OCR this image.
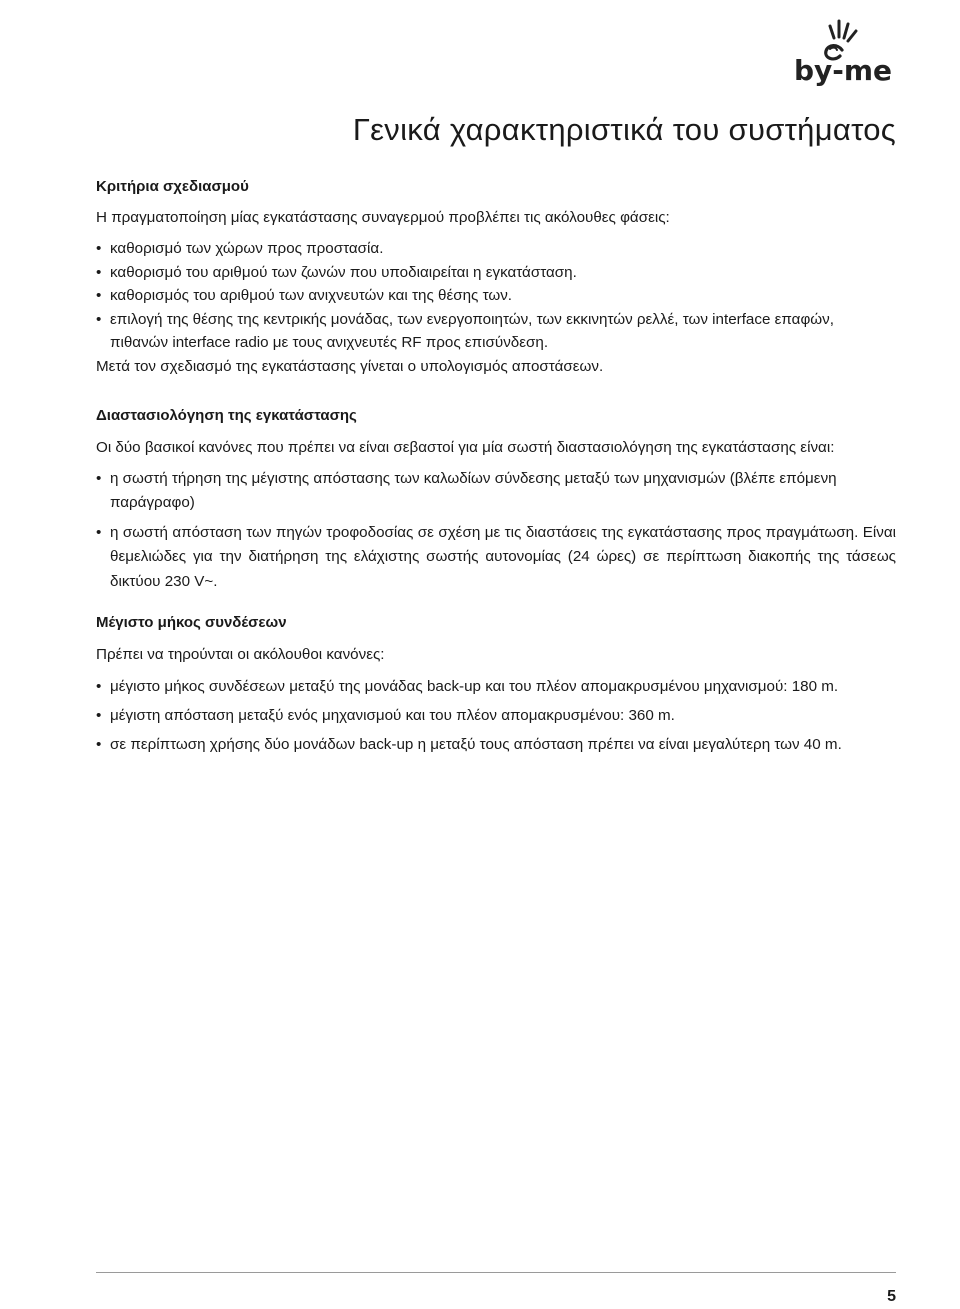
by-me
Γενικά χαρακτηριστικά του συστήματος
Κριτήρια σχεδιασμού

Η πραγματοποίηση μίας εγκατάστασης συναγερμού προβλέπει τις ακόλουθες φάσεις:

• καθορισμό των χώρων προς προστασία.
• καθορισμό του αριθμού των ζωνών που υποδιαιρείται η εγκατάσταση.
• καθορισμός του αριθμού των ανιχνευτών και της θέσης των.
• επιλογή της θέσης της κεντρικής μονάδας, των ενεργοποιητών, των εκκινητών ρελλέ, των interface επαφών, πιθανών interface radio με τους ανιχνευτές RF προς επισύνδεση.

Μετά τον σχεδιασμό της εγκατάστασης γίνεται ο υπολογισμός αποστάσεων.

Διαστασιολόγηση της εγκατάστασης

Οι δύο βασικοί κανόνες που πρέπει να είναι σεβαστοί για μία σωστή διαστασιολόγηση της εγκατάστασης είναι:

• η σωστή τήρηση της μέγιστης απόστασης των καλωδίων σύνδεσης μεταξύ των μηχανισμών (βλέπε επόμενη παράγραφο)
• η σωστή απόσταση των πηγών τροφοδοσίας σε σχέση με τις διαστάσεις της εγκατάστασης προς πραγμάτωση. Είναι θεμελιώδες για την διατήρηση της ελάχιστης σωστής αυτονομίας (24 ώρες) σε περίπτωση διακοπής της τάσεως δικτύου 230 V~.
Μέγιστο μήκος συνδέσεων

Πρέπει να τηρούνται οι ακόλουθοι κανόνες:

• μέγιστο μήκος συνδέσεων μεταξύ της μονάδας back-up και του πλέον απομακρυσμένου μηχανισμού: 180 m.
• μέγιστη απόσταση μεταξύ ενός μηχανισμού και του πλέον απομακρυσμένου: 360 m.
• σε περίπτωση χρήσης δύο μονάδων back-up η μεταξύ τους απόσταση πρέπει να είναι μεγαλύτερη των 40 m.
5
